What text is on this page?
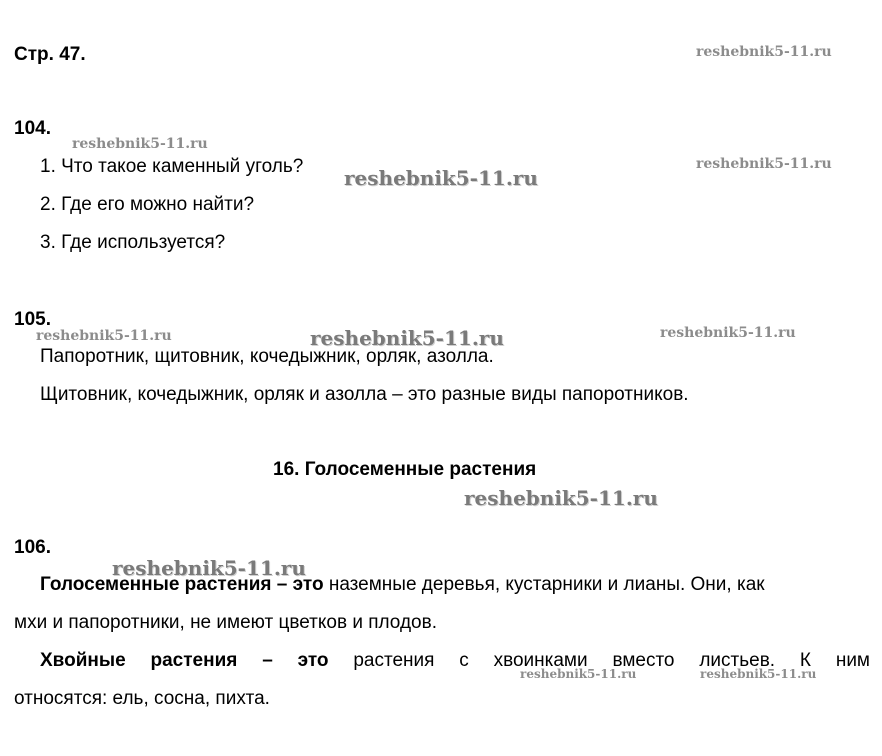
Стр. 47.
104.
1. Что такое каменный уголь?
2. Где его можно найти?
3. Где используется?
105.
Папоротник, щитовник, кочедыжник, орляк, азолла.
Щитовник, кочедыжник, орляк и азолла – это разные виды папоротников.
16. Голосеменные растения
106.
Голосеменные растения – это наземные деревья, кустарники и лианы. Они, как
мхи и папоротники, не имеют цветков и плодов.
Хвойные растения – это растения с хвоинками вместо листьев. К ним
относятся: ель, сосна, пихта.
reshebnik5-11.ru
reshebnik5-11.ru
reshebnik5-11.ru
reshebnik5-11.ru
reshebnik5-11.ru	reshebnik5-11.ru	reshebnik5-11.ru
reshebnik5-11.ru
reshebnik5-11.ru
reshebnik5-11.ru	reshebnik5-11.ru
